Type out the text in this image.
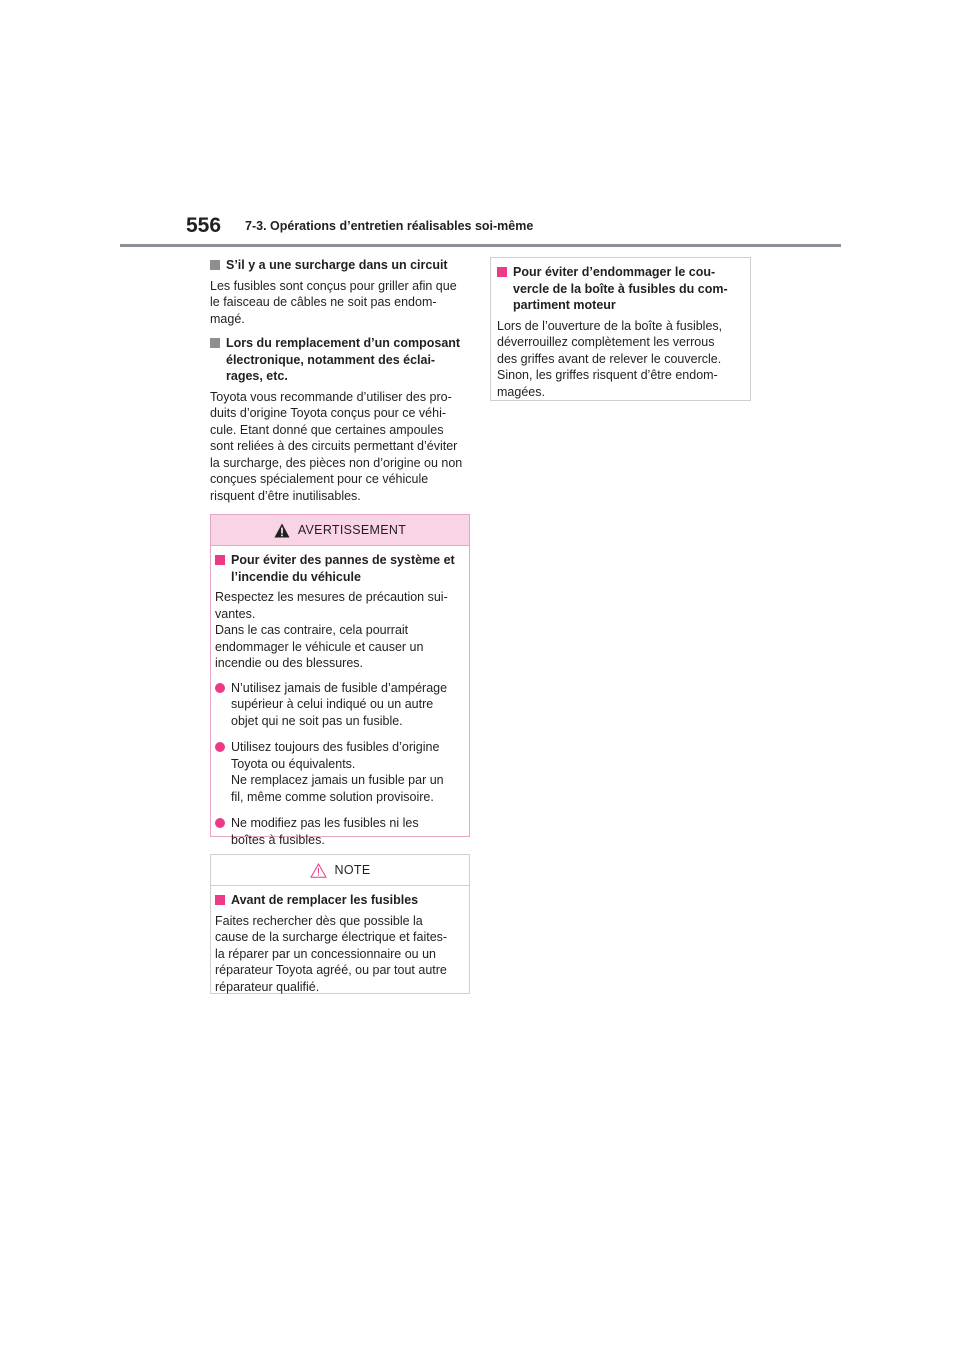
556 7-3. Opérations d’entretien réalisables soi-même
S’il y a une surcharge dans un circuit

Les fusibles sont conçus pour griller afin que
le faisceau de câbles ne soit pas endom-
magé.

Lors du remplacement d’un composant électronique, notamment des éclai-rages, etc.

Toyota vous recommande d’utiliser des pro-
duits d’origine Toyota conçus pour ce véhi-
cule. Etant donné que certaines ampoules
sont reliées à des circuits permettant d’éviter
la surcharge, des pièces non d’origine ou non
conçues spécialement pour ce véhicule
risquent d’être inutilisables.

AVERTISSEMENT
Pour éviter des pannes de système et l’incendie du véhicule

Respectez les mesures de précaution sui-
vantes.
Dans le cas contraire, cela pourrait
endommager le véhicule et causer un
incendie ou des blessures.

N’utilisez jamais de fusible d’ampérage
supérieur à celui indiqué ou un autre
objet qui ne soit pas un fusible.
Utilisez toujours des fusibles d’origine
Toyota ou équivalents.
Ne remplacez jamais un fusible par un
fil, même comme solution provisoire.
Ne modifiez pas les fusibles ni les
boîtes à fusibles.
NOTE
Avant de remplacer les fusibles

Faites rechercher dès que possible la
cause de la surcharge électrique et faites-
la réparer par un concessionnaire ou un
réparateur Toyota agréé, ou par tout autre
réparateur qualifié.

Pour éviter d’endommager le cou-vercle de la boîte à fusibles du com-partiment moteur

Lors de l’ouverture de la boîte à fusibles,
déverrouillez complètement les verrous
des griffes avant de relever le couvercle.
Sinon, les griffes risquent d’être endom-
magées.
